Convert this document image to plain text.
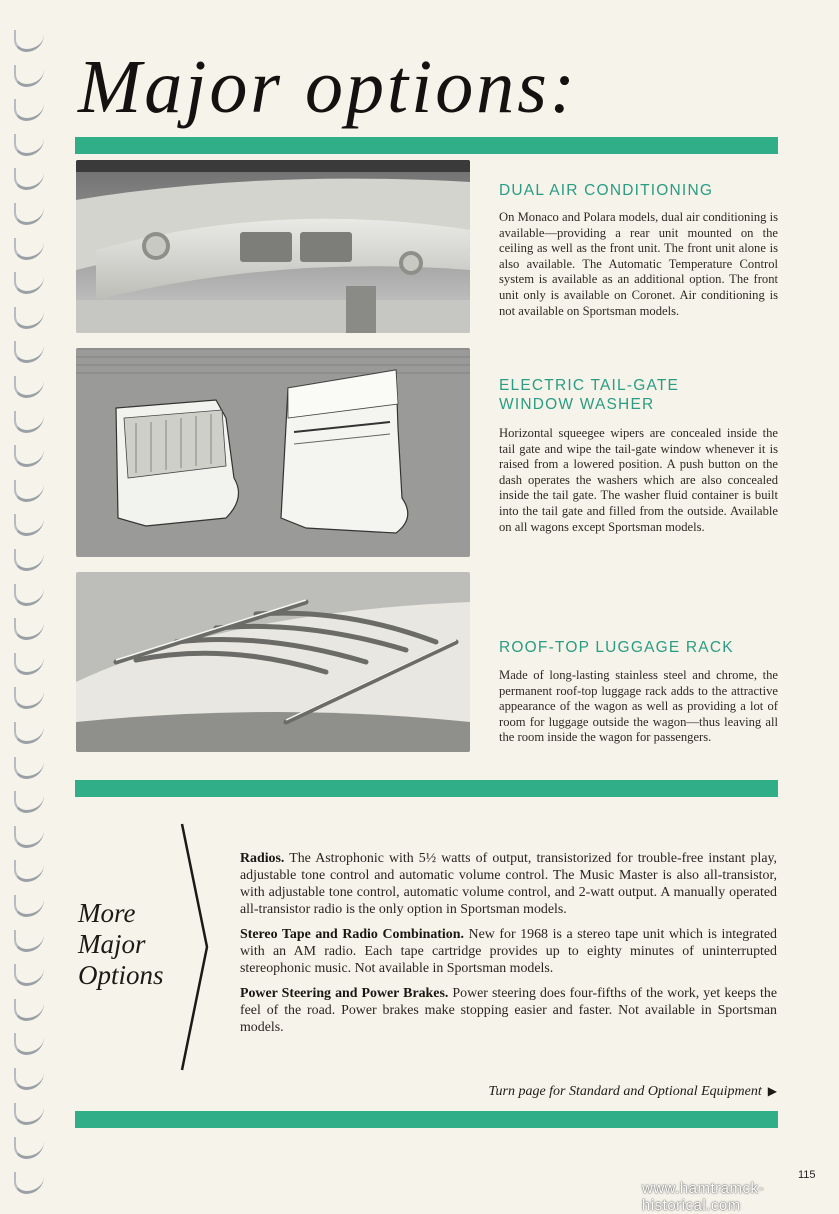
Major options:
DUAL AIR CONDITIONING
On Monaco and Polara models, dual air conditioning is available—providing a rear unit mounted on the ceiling as well as the front unit. The front unit alone is also available. The Automatic Temperature Control system is available as an additional option. The front unit only is available on Coronet. Air conditioning is not available on Sportsman models.
ELECTRIC TAIL-GATE WINDOW WASHER
Horizontal squeegee wipers are concealed inside the tail gate and wipe the tail-gate window whenever it is raised from a lowered position. A push button on the dash operates the washers which are also concealed inside the tail gate. The washer fluid container is built into the tail gate and filled from the outside. Available on all wagons except Sportsman models.
ROOF-TOP LUGGAGE RACK
Made of long-lasting stainless steel and chrome, the permanent roof-top luggage rack adds to the attractive appearance of the wagon as well as providing a lot of room for luggage outside the wagon—thus leaving all the room inside the wagon for passengers.
More
Major
Options

Radios. The Astrophonic with 5½ watts of output, transistorized for trouble-free instant play, adjustable tone control and automatic volume control. The Music Master is also all-transistor, with adjustable tone control, automatic volume control, and 2-watt output. A manually operated all-transistor radio is the only option in Sportsman models.

Stereo Tape and Radio Combination. New for 1968 is a stereo tape unit which is integrated with an AM radio. Each tape cartridge provides up to eighty minutes of uninterrupted stereophonic music. Not available in Sportsman models.

Power Steering and Power Brakes. Power steering does four-fifths of the work, yet keeps the feel of the road. Power brakes make stopping easier and faster. Not available in Sportsman models.

Turn page for Standard and Optional Equipment ▶
115
www.hamtramck-historical.com
